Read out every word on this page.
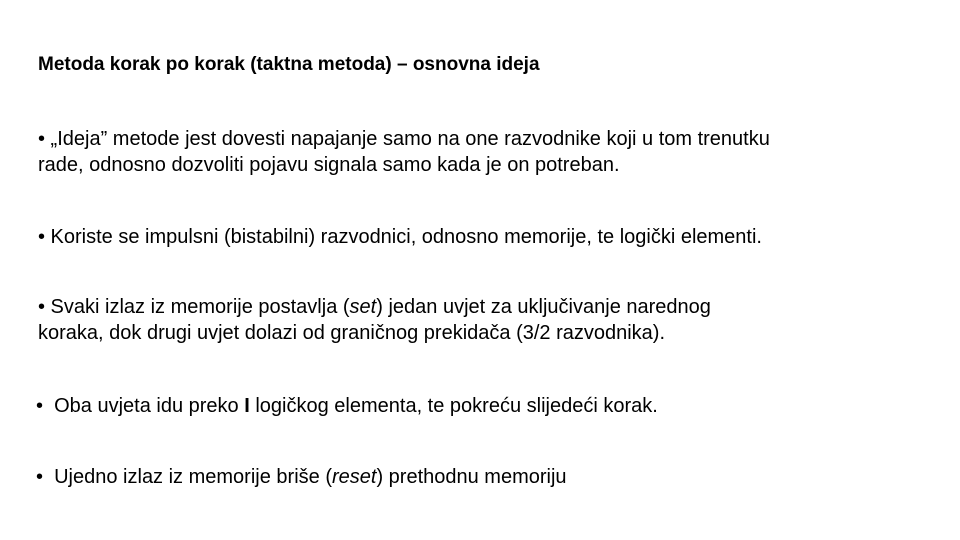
Metoda korak po korak (taktna metoda) – osnovna ideja
• „Ideja” metode jest dovesti napajanje samo na one razvodnike koji u tom trenutku
rade, odnosno dozvoliti pojavu signala samo kada je on potreban.
• Koriste se impulsni (bistabilni) razvodnici, odnosno memorije, te logički elementi.
• Svaki izlaz iz memorije postavlja (set) jedan uvjet za uključivanje narednog
koraka, dok drugi uvjet dolazi od graničnog prekidača (3/2 razvodnika).
•  Oba uvjeta idu preko I logičkog elementa, te pokreću slijedeći korak.
•  Ujedno izlaz iz memorije briše (reset) prethodnu memoriju
